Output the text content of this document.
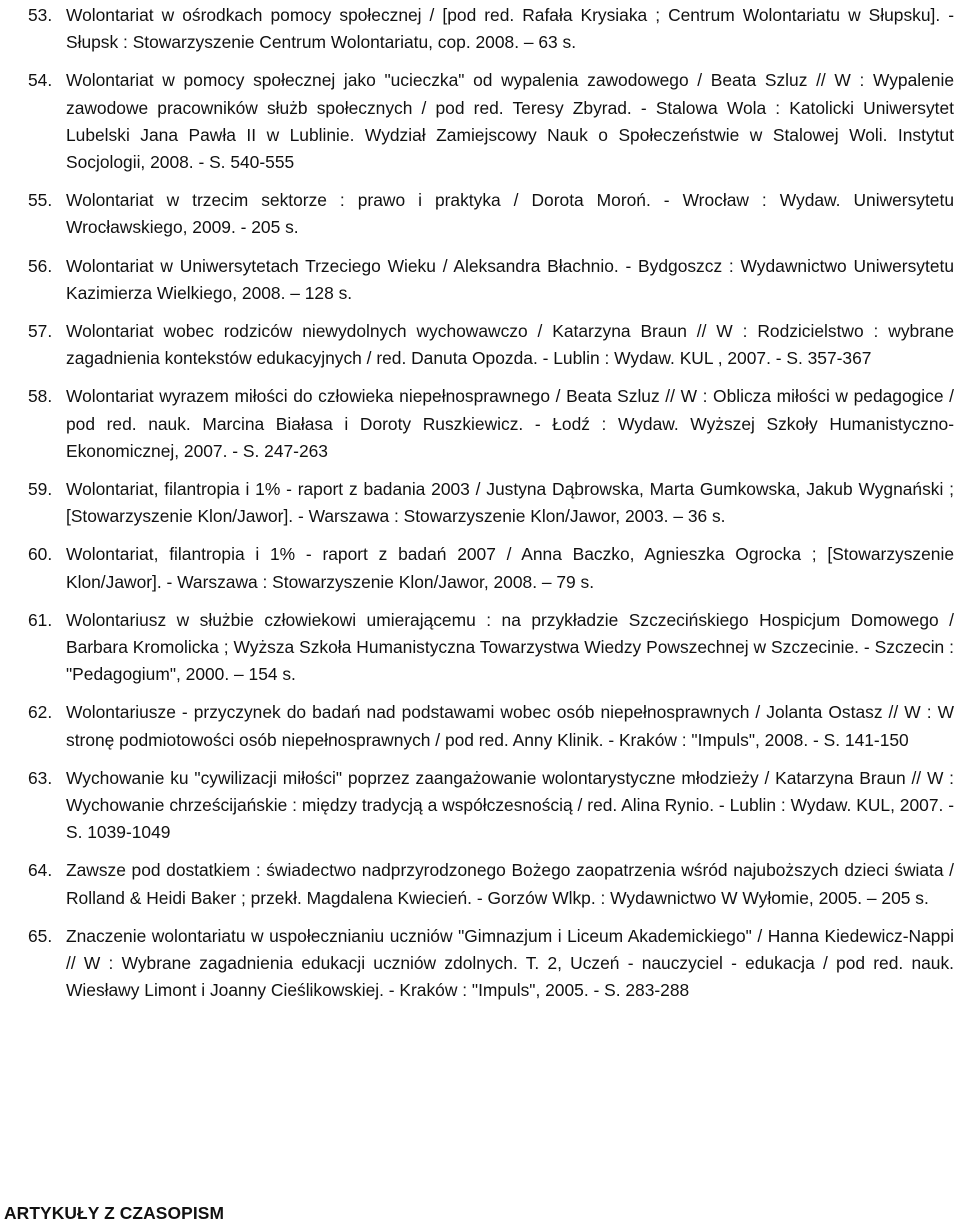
53. Wolontariat w ośrodkach pomocy społecznej / [pod red. Rafała Krysiaka ; Centrum Wolontariatu w Słupsku]. - Słupsk : Stowarzyszenie Centrum Wolontariatu, cop. 2008. – 63 s.
54. Wolontariat w pomocy społecznej jako "ucieczka" od wypalenia zawodowego / Beata Szluz // W : Wypalenie zawodowe pracowników służb społecznych / pod red. Teresy Zbyrad. - Stalowa Wola : Katolicki Uniwersytet Lubelski Jana Pawła II w Lublinie. Wydział Zamiejscowy Nauk o Społeczeństwie w Stalowej Woli. Instytut Socjologii, 2008. - S. 540-555
55. Wolontariat w trzecim sektorze : prawo i praktyka / Dorota Moroń. - Wrocław : Wydaw. Uniwersytetu Wrocławskiego, 2009. - 205 s.
56. Wolontariat w Uniwersytetach Trzeciego Wieku / Aleksandra Błachnio. - Bydgoszcz : Wydawnictwo Uniwersytetu Kazimierza Wielkiego, 2008. – 128 s.
57. Wolontariat wobec rodziców niewydolnych wychowawczo / Katarzyna Braun // W : Rodzicielstwo : wybrane zagadnienia kontekstów edukacyjnych / red. Danuta Opozda. - Lublin : Wydaw. KUL , 2007. - S. 357-367
58. Wolontariat wyrazem miłości do człowieka niepełnosprawnego / Beata Szluz // W : Oblicza miłości w pedagogice / pod red. nauk. Marcina Białasa i Doroty Ruszkiewicz. - Łodź : Wydaw. Wyższej Szkoły Humanistyczno-Ekonomicznej, 2007. - S. 247-263
59. Wolontariat, filantropia i 1% - raport z badania 2003 / Justyna Dąbrowska, Marta Gumkowska, Jakub Wygnański ; [Stowarzyszenie Klon/Jawor]. - Warszawa : Stowarzyszenie Klon/Jawor, 2003. – 36 s.
60. Wolontariat, filantropia i 1% - raport z badań 2007 / Anna Baczko, Agnieszka Ogrocka ; [Stowarzyszenie Klon/Jawor]. - Warszawa : Stowarzyszenie Klon/Jawor, 2008. – 79 s.
61. Wolontariusz w służbie człowiekowi umierającemu : na przykładzie Szczecińskiego Hospicjum Domowego / Barbara Kromolicka ; Wyższa Szkoła Humanistyczna Towarzystwa Wiedzy Powszechnej w Szczecinie. - Szczecin : "Pedagogium", 2000. – 154 s.
62. Wolontariusze - przyczynek do badań nad podstawami wobec osób niepełnosprawnych / Jolanta Ostasz // W : W stronę podmiotowości osób niepełnosprawnych / pod red. Anny Klinik. - Kraków : "Impuls", 2008. - S. 141-150
63. Wychowanie ku "cywilizacji miłości" poprzez zaangażowanie wolontarystyczne młodzieży / Katarzyna Braun // W : Wychowanie chrześcijańskie : między tradycją a współczesnością / red. Alina Rynio. - Lublin : Wydaw. KUL, 2007. - S. 1039-1049
64. Zawsze pod dostatkiem : świadectwo nadprzyrodzonego Bożego zaopatrzenia wśród najuboższych dzieci świata / Rolland & Heidi Baker ; przekł. Magdalena Kwiecień. - Gorzów Wlkp. : Wydawnictwo W Wyłomie, 2005. – 205 s.
65. Znaczenie wolontariatu w uspołecznianiu uczniów "Gimnazjum i Liceum Akademickiego" / Hanna Kiedewicz-Nappi // W : Wybrane zagadnienia edukacji uczniów zdolnych. T. 2, Uczeń - nauczyciel - edukacja / pod red. nauk. Wiesławy Limont i Joanny Cieślikowskiej. - Kraków : "Impuls", 2005. - S. 283-288
ARTYKUŁY Z CZASOPISM
